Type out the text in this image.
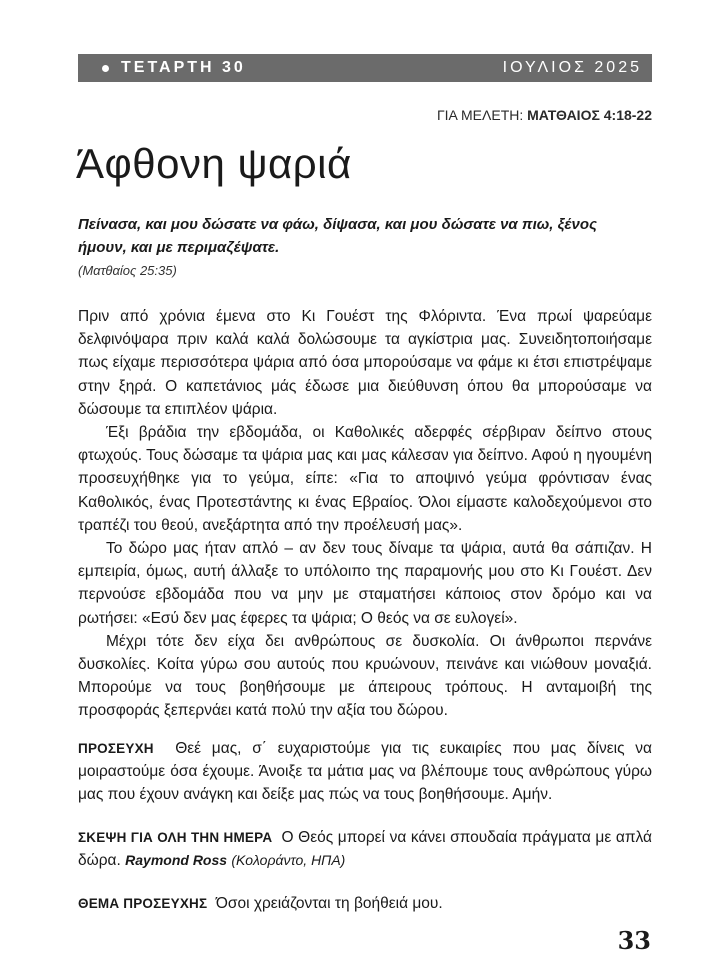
ΤΕΤΑΡΤΗ 30	ΙΟΥΛΙΟΣ 2025
ΓΙΑ ΜΕΛΕΤΗ: ΜΑΤΘΑΙΟΣ 4:18-22
Άφθονη ψαριά
Πείνασα, και μου δώσατε να φάω, δίψασα, και μου δώσατε να πιω, ξένος ήμουν, και με περιμαζέψατε.
(Ματθαίος 25:35)

Πριν από χρόνια έμενα στο Κι Γουέστ της Φλόριντα. Ένα πρωί ψαρεύαμε δελφινόψαρα πριν καλά καλά δολώσουμε τα αγκίστρια μας. Συνειδητοποιήσαμε πως είχαμε περισσότερα ψάρια από όσα μπορούσαμε να φάμε κι έτσι επιστρέψαμε στην ξηρά. Ο καπετάνιος μάς έδωσε μια διεύθυνση όπου θα μπορούσαμε να δώσουμε τα επιπλέον ψάρια.

Έξι βράδια την εβδομάδα, οι Καθολικές αδερφές σέρβιραν δείπνο στους φτωχούς. Τους δώσαμε τα ψάρια μας και μας κάλεσαν για δείπνο. Αφού η ηγουμένη προσευχήθηκε για το γεύμα, είπε: «Για το αποψινό γεύμα φρόντισαν ένας Καθολικός, ένας Προτεστάντης κι ένας Εβραίος. Όλοι είμαστε καλοδεχούμενοι στο τραπέζι του θεού, ανεξάρτητα από την προέλευσή μας».

Το δώρο μας ήταν απλό – αν δεν τους δίναμε τα ψάρια, αυτά θα σάπιζαν. Η εμπειρία, όμως, αυτή άλλαξε το υπόλοιπο της παραμονής μου στο Κι Γουέστ. Δεν περνούσε εβδομάδα που να μην με σταματήσει κάποιος στον δρόμο και να ρωτήσει: «Εσύ δεν μας έφερες τα ψάρια; Ο θεός να σε ευλογεί».

Μέχρι τότε δεν είχα δει ανθρώπους σε δυσκολία. Οι άνθρωποι περνάνε δυσκολίες. Κοίτα γύρω σου αυτούς που κρυώνουν, πεινάνε και νιώθουν μοναξιά. Μπορούμε να τους βοηθήσουμε με άπειρους τρόπους. Η ανταμοιβή της προσφοράς ξεπερνάει κατά πολύ την αξία του δώρου.

ΠΡΟΣΕΥΧΗ Θεέ μας, σ΄ ευχαριστούμε για τις ευκαιρίες που μας δίνεις να μοιραστούμε όσα έχουμε. Άνοιξε τα μάτια μας να βλέπουμε τους ανθρώπους γύρω μας που έχουν ανάγκη και δείξε μας πώς να τους βοηθήσουμε. Αμήν.
ΣΚΕΨΗ ΓΙΑ ΟΛΗ ΤΗΝ ΗΜΕΡΑ Ο Θεός μπορεί να κάνει σπουδαία πράγματα με απλά δώρα. Raymond Ross (Κολοράντο, ΗΠΑ)
ΘΕΜΑ ΠΡΟΣΕΥΧΗΣ Όσοι χρειάζονται τη βοήθειά μου.
33
